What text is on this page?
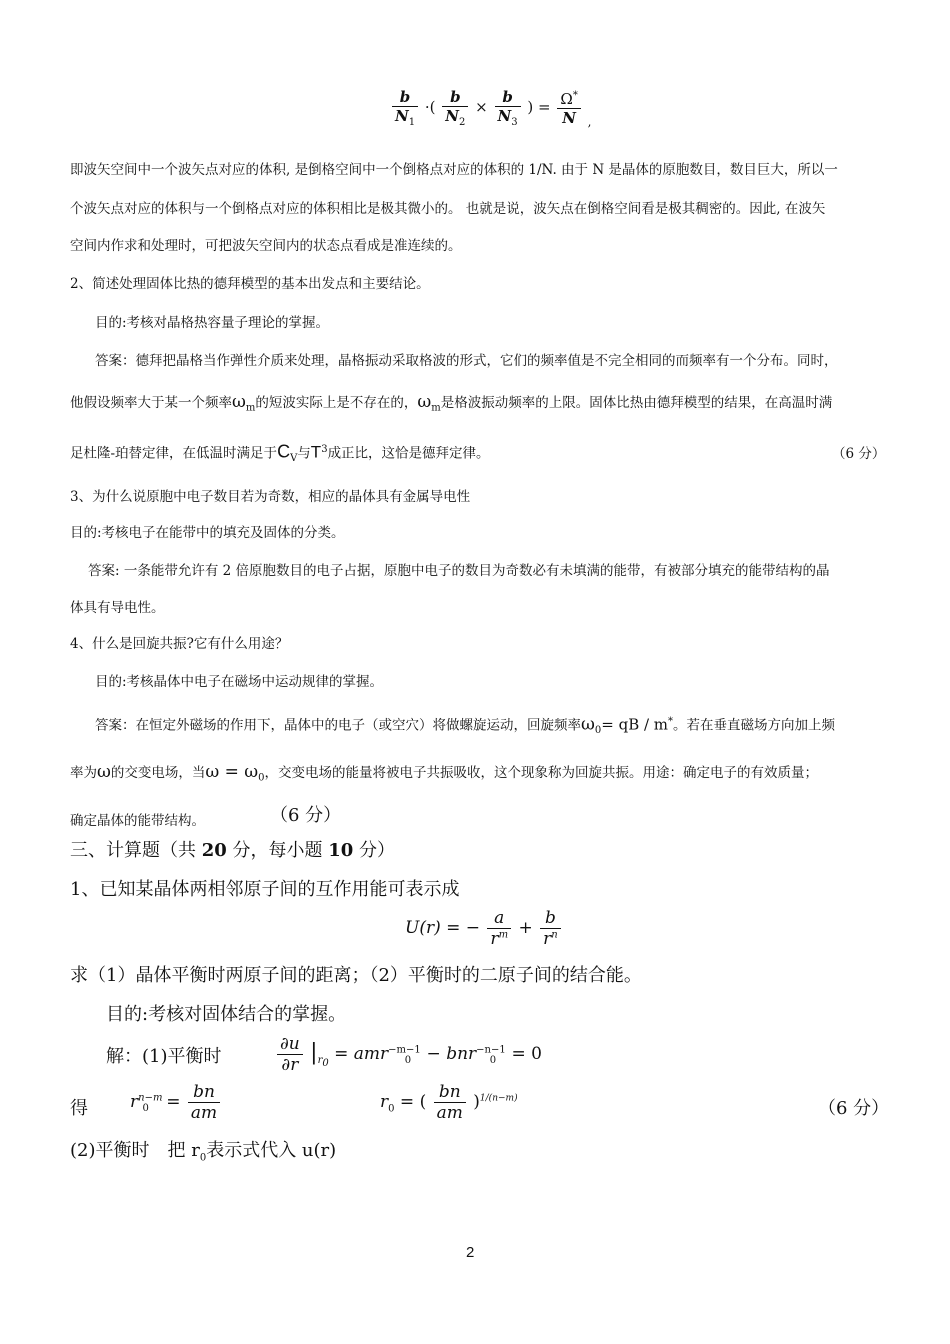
$\frac{b}{N_1}$ ·( $\frac{b}{N_2} \times \frac{b}{N_3}$ ) = $\frac{\Omega^*}{N} _,$
即波矢空间中一个波矢点对应的体积, 是倒格空间中一个倒格点对应的体积的 1/N. 由于 N 是晶体的原胞数目，数目巨大，所以一
个波矢点对应的体积与一个倒格点对应的体积相比是极其微小的。 也就是说，波矢点在倒格空间看是极其稠密的。因此, 在波矢
空间内作求和处理时，可把波矢空间内的状态点看成是准连续的。
2、简述处理固体比热的德拜模型的基本出发点和主要结论。
目的:考核对晶格热容量子理论的掌握。
答案：德拜把晶格当作弹性介质来处理，晶格振动采取格波的形式，它们的频率值是不完全相同的而频率有一个分布。同时，
他假设频率大于某一个频率$\omega_m$的短波实际上是不存在的，$\omega_m$是格波振动频率的上限。固体比热由德拜模型的结果，在高温时满
足杜隆-珀替定律，在低温时满足于$C_V$与$T^3$成正比，这恰是德拜定律。	（6 分）
3、为什么说原胞中电子数目若为奇数，相应的晶体具有金属导电性
目的:考核电子在能带中的填充及固体的分类。
答案: 一条能带允许有 2 倍原胞数目的电子占据，原胞中电子的数目为奇数必有未填满的能带，有被部分填充的能带结构的晶
体具有导电性。
4、什么是回旋共振?它有什么用途？
目的:考核晶体中电子在磁场中运动规律的掌握。
答案：在恒定外磁场的作用下，晶体中的电子（或空穴）将做螺旋运动，回旋频率$\omega_0=$ qB / m*。若在垂直磁场方向加上频
率为ω的交变电场，当$\omega = \omega_0$，交变电场的能量将被电子共振吸收，这个现象称为回旋共振。用途：确定电子的有效质量；
确定晶体的能带结构。	（6 分）
三、计算题（共 20 分，每小题 10 分）
1、已知某晶体两相邻原子间的互作用能可表示成
U(r) = − $\frac{a}{r^m} + \frac{b}{r^n}$
求（1）晶体平衡时两原子间的距离；（2）平衡时的二原子间的结合能。
目的:考核对固体结合的掌握。
解：(1)平衡时	$\frac{\partial u}{\partial r} |_{r_0} = amr^{-m-1}_0 - bnr^{-n-1}_0 = 0$
得	$r^{n-m}_0 = \frac{bn}{am}$	$r_0$ = ( $\frac{bn}{am} )^{1/(n-m)}$	（6 分）
(2)平衡时　把 $r_0$表示式代入 u(r)
2
